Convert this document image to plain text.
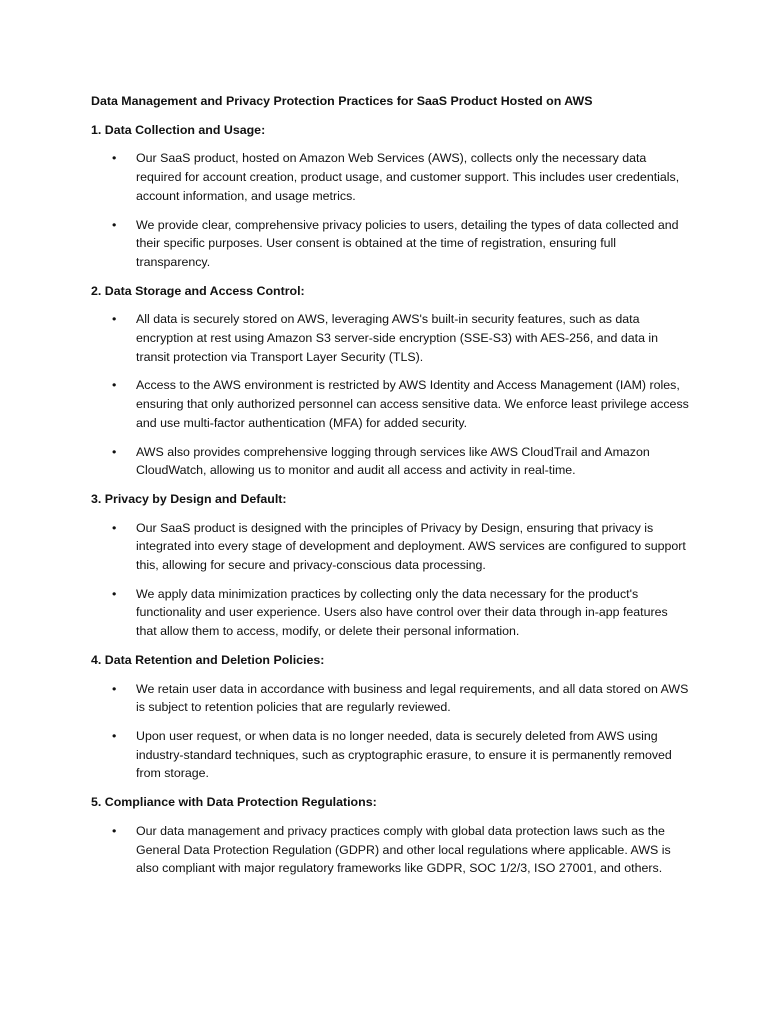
Data Management and Privacy Protection Practices for SaaS Product Hosted on AWS
1. Data Collection and Usage:
• Our SaaS product, hosted on Amazon Web Services (AWS), collects only the necessary data required for account creation, product usage, and customer support. This includes user credentials, account information, and usage metrics.
• We provide clear, comprehensive privacy policies to users, detailing the types of data collected and their specific purposes. User consent is obtained at the time of registration, ensuring full transparency.
2. Data Storage and Access Control:
• All data is securely stored on AWS, leveraging AWS's built-in security features, such as data encryption at rest using Amazon S3 server-side encryption (SSE-S3) with AES-256, and data in transit protection via Transport Layer Security (TLS).
• Access to the AWS environment is restricted by AWS Identity and Access Management (IAM) roles, ensuring that only authorized personnel can access sensitive data. We enforce least privilege access and use multi-factor authentication (MFA) for added security.
• AWS also provides comprehensive logging through services like AWS CloudTrail and Amazon CloudWatch, allowing us to monitor and audit all access and activity in real-time.
3. Privacy by Design and Default:
• Our SaaS product is designed with the principles of Privacy by Design, ensuring that privacy is integrated into every stage of development and deployment. AWS services are configured to support this, allowing for secure and privacy-conscious data processing.
• We apply data minimization practices by collecting only the data necessary for the product's functionality and user experience. Users also have control over their data through in-app features that allow them to access, modify, or delete their personal information.
4. Data Retention and Deletion Policies:
• We retain user data in accordance with business and legal requirements, and all data stored on AWS is subject to retention policies that are regularly reviewed.
• Upon user request, or when data is no longer needed, data is securely deleted from AWS using industry-standard techniques, such as cryptographic erasure, to ensure it is permanently removed from storage.
5. Compliance with Data Protection Regulations:
• Our data management and privacy practices comply with global data protection laws such as the General Data Protection Regulation (GDPR) and other local regulations where applicable. AWS is also compliant with major regulatory frameworks like GDPR, SOC 1/2/3, ISO 27001, and others.
